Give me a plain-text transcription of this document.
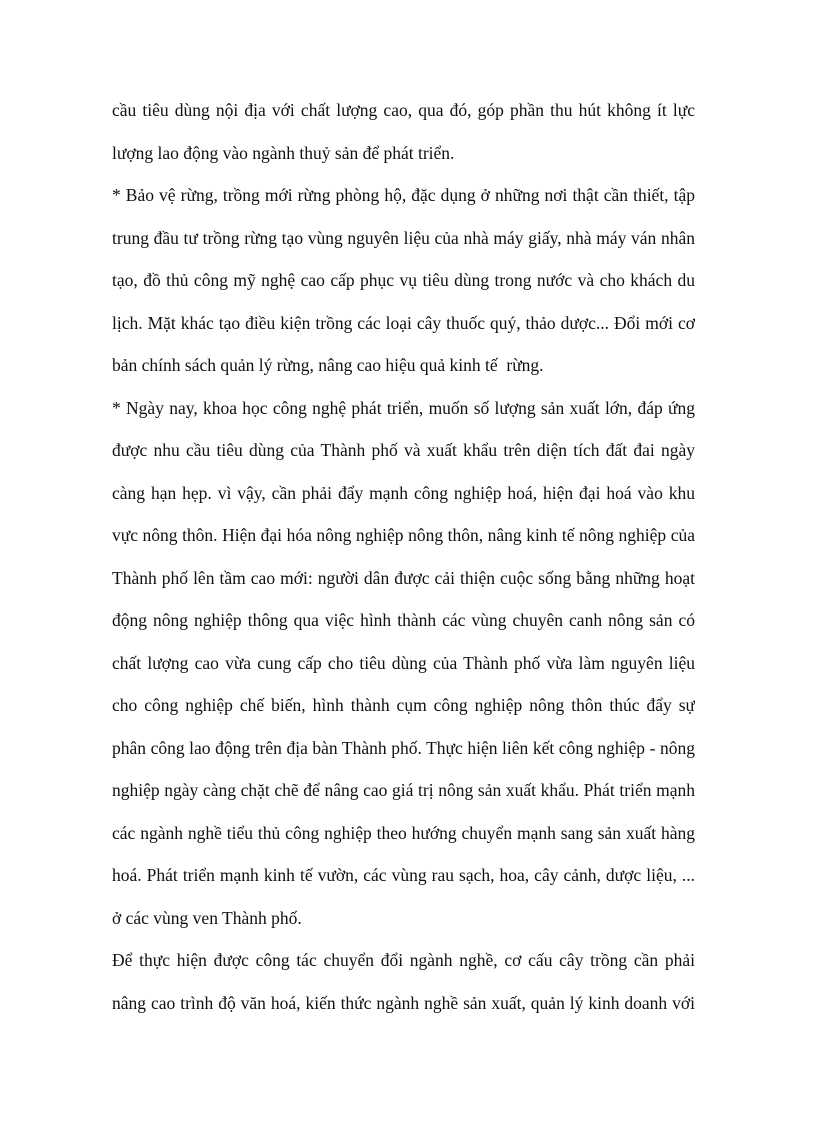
cầu tiêu dùng nội địa với chất lượng cao, qua đó, góp phần thu hút không ít lực
lượng lao động vào ngành thuỷ sản để phát triển.
* Bảo vệ rừng, trồng mới rừng phòng hộ, đặc dụng ở những nơi thật cần thiết, tập
trung đầu tư trồng rừng tạo vùng nguyên liệu của nhà máy giấy, nhà máy ván nhân
tạo, đồ thủ công mỹ nghệ cao cấp phục vụ tiêu dùng trong nước và cho khách du
lịch. Mặt khác tạo điều kiện trồng các loại cây thuốc quý, thảo dược... Đổi mới cơ
bản chính sách quản lý rừng, nâng cao hiệu quả kinh tế  rừng.
* Ngày nay, khoa học công nghệ phát triển, muốn số lượng sản xuất lớn, đáp ứng
được nhu cầu tiêu dùng của Thành phố và xuất khẩu trên diện tích đất đai ngày
càng hạn hẹp. vì vậy, cần phải đẩy mạnh công nghiệp hoá, hiện đại hoá vào khu
vực nông thôn. Hiện đại hóa nông nghiệp nông thôn, nâng kinh tế nông nghiệp của
Thành phố lên tầm cao mới: người dân được cải thiện cuộc sống bằng những hoạt
động nông nghiệp thông qua việc hình thành các vùng chuyên canh nông sản có
chất lượng cao vừa cung cấp cho tiêu dùng của Thành phố vừa làm nguyên liệu
cho công nghiệp chế biến, hình thành cụm công nghiệp nông thôn thúc đẩy sự
phân công lao động trên địa bàn Thành phố. Thực hiện liên kết công nghiệp - nông
nghiệp ngày càng chặt chẽ để nâng cao giá trị nông sản xuất khẩu. Phát triển mạnh
các ngành nghề tiểu thủ công nghiệp theo hướng chuyển mạnh sang sản xuất hàng
hoá. Phát triển mạnh kinh tế vườn, các vùng rau sạch, hoa, cây cảnh, dược liệu, ...
ở các vùng ven Thành phố.
Để thực hiện được công tác chuyển đổi ngành nghề, cơ cấu cây trồng cần phải
nâng cao trình độ văn hoá, kiến thức ngành nghề sản xuất, quản lý kinh doanh với
